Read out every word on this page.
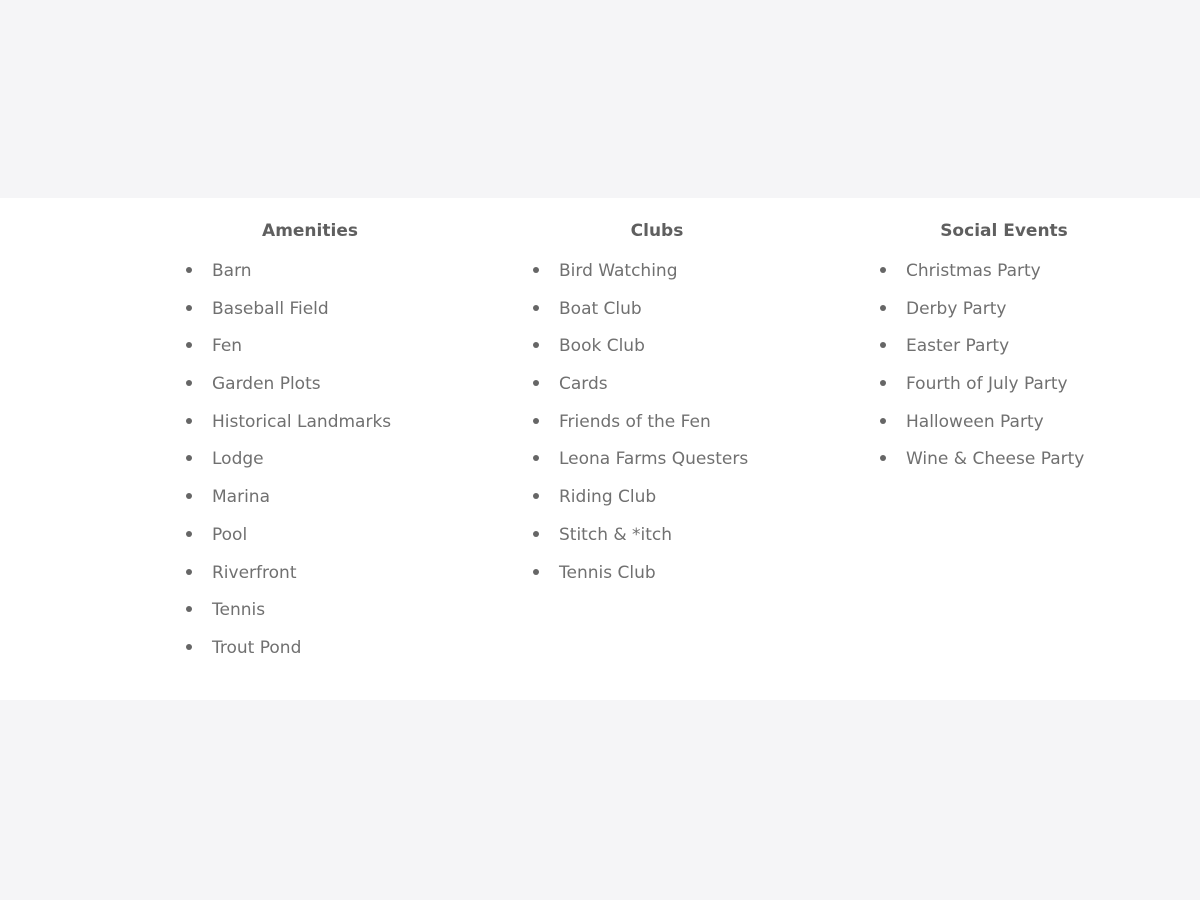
Amenities
Barn
Baseball Field
Fen
Garden Plots
Historical Landmarks
Lodge
Marina
Pool
Riverfront
Tennis
Trout Pond
Clubs
Bird Watching
Boat Club
Book Club
Cards
Friends of the Fen
Leona Farms Questers
Riding Club
Stitch & *itch
Tennis Club
Social Events
Christmas Party
Derby Party
Easter Party
Fourth of July Party
Halloween Party
Wine & Cheese Party
